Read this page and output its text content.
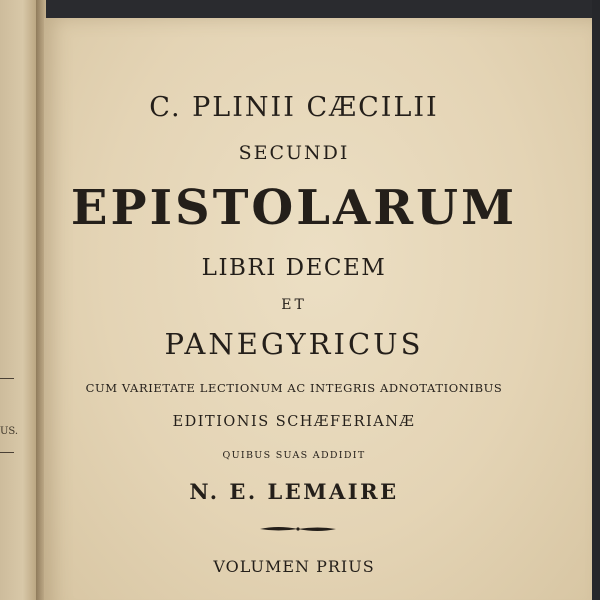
US.
C. PLINII CÆCILII
SECUNDI
EPISTOLARUM
LIBRI DECEM
ET
PANEGYRICUS
CUM VARIETATE LECTIONUM AC INTEGRIS ADNOTATIONIBUS
EDITIONIS SCHÆFERIANÆ
QUIBUS SUAS ADDIDIT
N. E. LEMAIRE
VOLUMEN PRIUS
